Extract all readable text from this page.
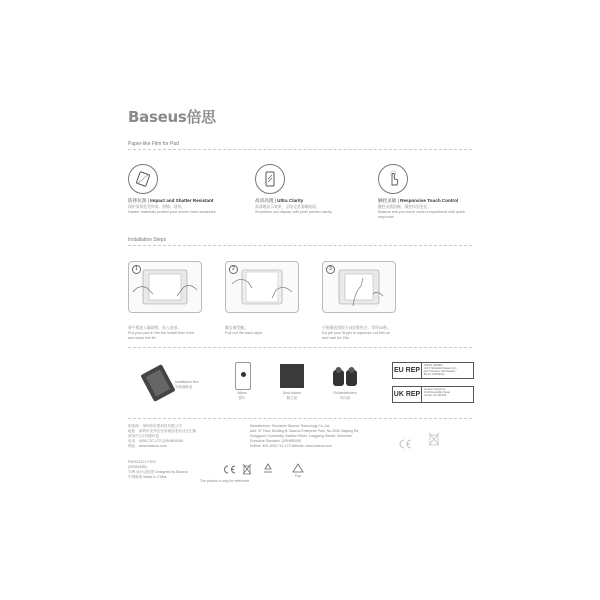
Baseus倍思
Paper-like Film for Pad
防摔抗刮 | Impact and Shatter Resistant
保护屏幕免受摔落、刮擦、划伤。
Harder materials protect your screen from scratches.
高清高透 | Ultra Clarity
高清晰显示效果，呈现完美清晰画面。
Smoothes out display with pixel perfect clarity.
触控灵敏 | Responsive Touch Control
触控灵敏流畅，操控体验更佳。
Baseus lets you touch control experience with quick response.
Installation Steps
1
将平板放入辅助框，放入底部。
Put your pad in the the install then front and close the lid.
2
撕去离型膜。
Pull out the back layer.
3
手指顺着刮板方向轻推贴合，等待20秒。
Do ple your finger to squeeze out film on and wait for 20s.
Installation Box
安装辅助盒
Wipes
擦巾
Dust-sticker
除尘贴
Guidedstickers
导向贴
EU REP
ADDAS LIMITED
Unit 5 Hollowfield Square, Fort
Four Hourtown, New Zealand
BO 10 1 2023(IAC)
UK REP
Amazon Ireland Ltd
19-20 Devonshire Street
London, UK SW 4NA
制造商：深圳市倍思科技有限公司
地址：深圳市龙华区民治街道北站社区汇隆
商务中心2号楼37层
电话：4000-737-172 Q/SHBS0081
网址：www.baseus.com
Manufacturer: Shenzhen Baseus Technology Co.,Ltd.
Add: 37 Floor, Building B, Baseus Enterprise Park, No.3006 Xiagang Rd,
Dongguan Community, Bantian Street, Longgang District, Shenzhen
Executive Standard: Q/SHBS0081
Hotline: 400-4000-712-172 Website: www.baseus.com
P40012121 F003
(0026040B)
专利 设计由倍思 Designed by Baseus
中国制造 Made in China
The picture is only for reference
Pap
